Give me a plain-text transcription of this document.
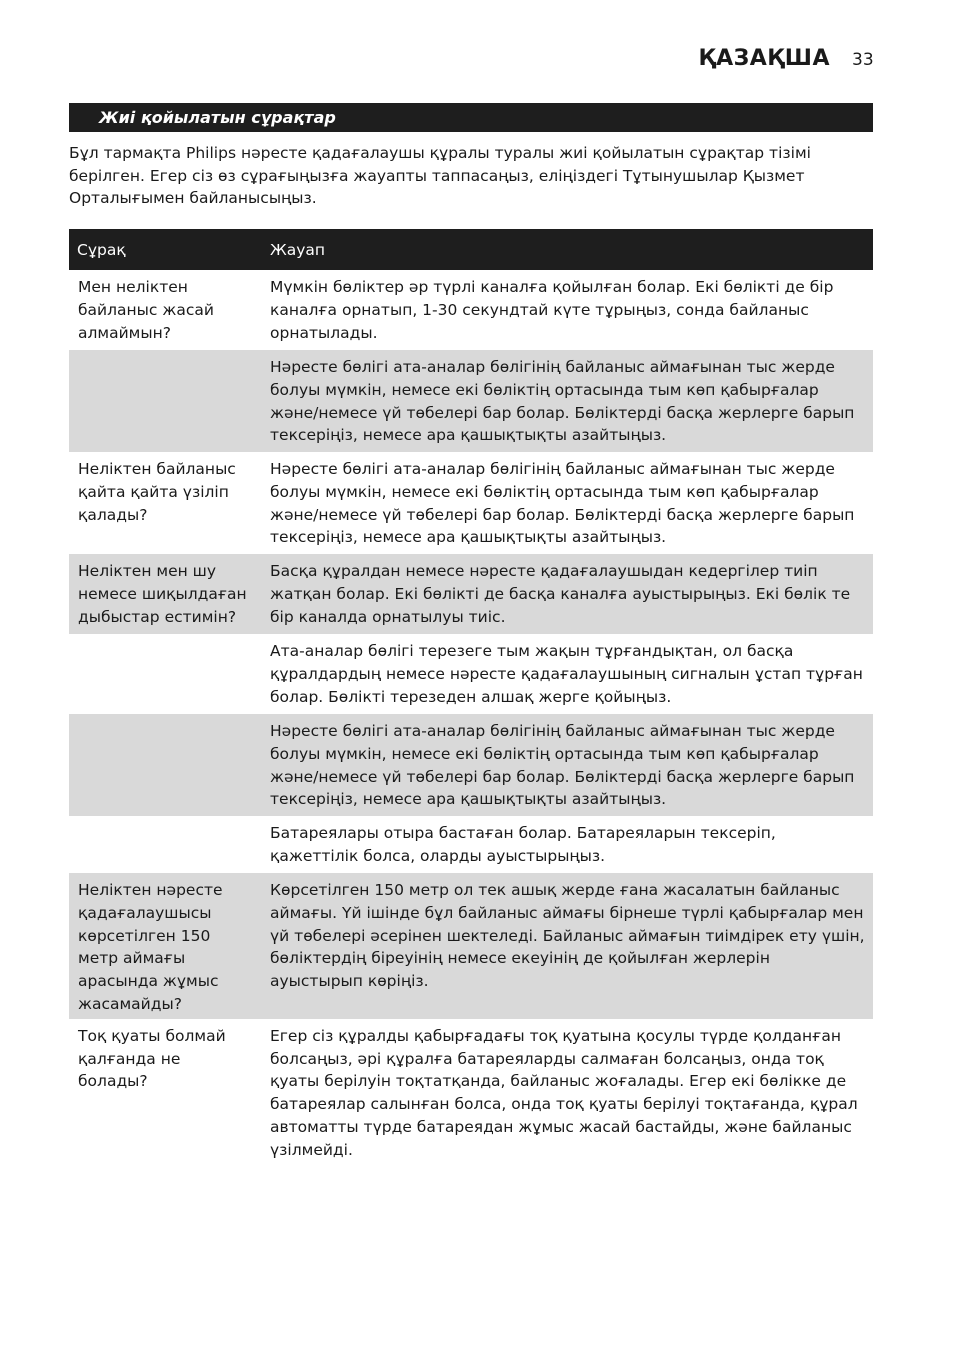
ҚАЗАҚША 33
Жиі қойылатын сұрақтар

Бұл тармақта Philips нәресте қадағалаушы құралы туралы жиі қойылатын сұрақтар тізімі берілген. Егер сіз өз сұрағыңызға жауапты таппасаңыз, еліңіздегі Тұтынушылар Қызмет Орталығымен байланысыңыз.

Сұрақ	Жауап
Мен неліктен байланыс жасай алмаймын?	Мүмкін бөліктер әр түрлі каналға қойылған болар. Екі бөлікті де бір каналға орнатып, 1-30 секундтай күте тұрыңыз, сонда байланыс орнатылады.
	Нәресте бөлігі ата-аналар бөлігінің байланыс аймағынан тыс жерде болуы мүмкін, немесе екі бөліктің ортасында тым көп қабырғалар және/немесе үй төбелері бар болар. Бөліктерді басқа жерлерге барып тексеріңіз, немесе ара қашықтықты азайтыңыз.
Неліктен байланыс қайта қайта үзіліп қалады?	Нәресте бөлігі ата-аналар бөлігінің байланыс аймағынан тыс жерде болуы мүмкін, немесе екі бөліктің ортасында тым көп қабырғалар және/немесе үй төбелері бар болар. Бөліктерді басқа жерлерге барып тексеріңіз, немесе ара қашықтықты азайтыңыз.
Неліктен мен шу немесе шиқылдаған дыбыстар естимін?	Басқа құралдан немесе нәресте қадағалаушыдан кедергілер тиіп жатқан болар. Екі бөлікті де басқа каналға ауыстырыңыз. Екі бөлік те бір каналда орнатылуы тиіс.
	Ата-аналар бөлігі терезеге тым жақын тұрғандықтан, ол басқа құралдардың немесе нәресте қадағалаушының сигналын ұстап тұрған болар. Бөлікті терезеден алшақ жерге қойыңыз.
	Нәресте бөлігі ата-аналар бөлігінің байланыс аймағынан тыс жерде болуы мүмкін, немесе екі бөліктің ортасында тым көп қабырғалар және/немесе үй төбелері бар болар. Бөліктерді басқа жерлерге барып тексеріңіз, немесе ара қашықтықты азайтыңыз.
	Батареялары отыра бастаған болар. Батареяларын тексеріп, қажеттілік болса, оларды ауыстырыңыз.
Неліктен нәресте қадағалаушысы көрсетілген 150 метр аймағы арасында жұмыс жасамайды?	Көрсетілген 150 метр ол тек ашық жерде ғана жасалатын байланыс аймағы. Үй ішінде бұл байланыс аймағы бірнеше түрлі қабырғалар мен үй төбелері әсерінен шектеледі. Байланыс аймағын тиімдірек ету үшін, бөліктердің біреуінің немесе екеуінің де қойылған жерлерін ауыстырып көріңіз.
Тоқ қуаты болмай қалғанда не болады?	Егер сіз құралды қабырғадағы тоқ қуатына қосулы түрде қолданған болсаңыз, әрі құралға батареяларды салмаған болсаңыз, онда тоқ қуаты берілуін тоқтатқанда, байланыс жоғалады. Егер екі бөлікке де батареялар салынған болса, онда тоқ қуаты берілуі тоқтағанда, құрал автоматты түрде батареядан жұмыс жасай бастайды, және байланыс үзілмейді.
